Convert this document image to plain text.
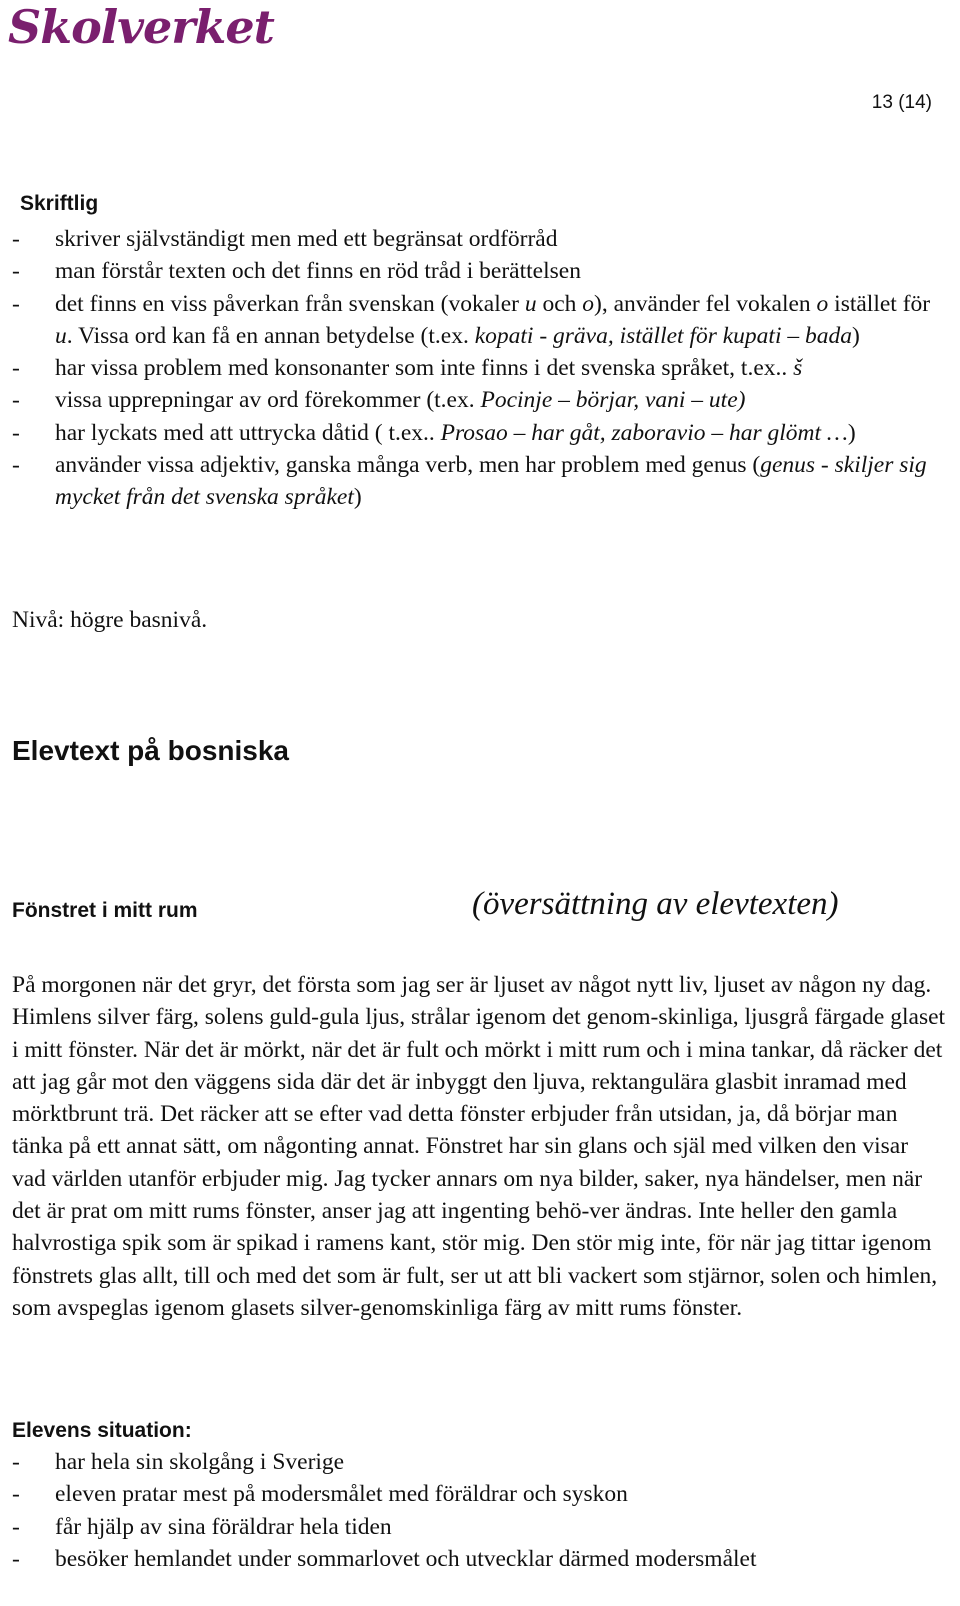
Skolverket
13 (14)
Skriftlig
- skriver självständigt men med ett begränsat ordförråd
- man förstår texten och det finns en röd tråd i berättelsen
- det finns en viss påverkan från svenskan (vokaler u och o), använder fel vokalen o istället för u. Vissa ord kan få en annan betydelse (t.ex. kopati - gräva, istället för kupati – bada)
- har vissa problem med konsonanter som inte finns i det svenska språket, t.ex.. š
- vissa upprepningar av ord förekommer (t.ex. Pocinje – börjar, vani – ute)
- har lyckats med att uttrycka dåtid ( t.ex.. Prosao – har gåt, zaboravio – har glömt …)
- använder vissa adjektiv, ganska många verb, men har problem med genus (genus - skiljer sig mycket från det svenska språket)

Nivå: högre basnivå.

Elevtext på bosniska
Fönstret i mitt rum	(översättning av elevtexten)

På morgonen när det gryr, det första som jag ser är ljuset av något nytt liv, ljuset av någon ny dag. Himlens silver färg, solens guld-gula ljus, strålar igenom det genom-skinliga, ljusgrå färgade glaset i mitt fönster. När det är mörkt, när det är fult och mörkt i mitt rum och i mina tankar, då räcker det att jag går mot den väggens sida där det är inbyggt den ljuva, rektangulära glasbit inramad med mörktbrunt trä. Det räcker att se efter vad detta fönster erbjuder från utsidan, ja, då börjar man tänka på ett annat sätt, om någonting annat. Fönstret har sin glans och själ med vilken den visar vad världen utanför erbjuder mig. Jag tycker annars om nya bilder, saker, nya händelser, men när det är prat om mitt rums fönster, anser jag att ingenting behö-ver ändras. Inte heller den gamla halvrostiga spik som är spikad i ramens kant, stör mig. Den stör mig inte, för när jag tittar igenom fönstrets glas allt, till och med det som är fult, ser ut att bli vackert som stjärnor, solen och himlen, som avspeglas igenom glasets silver-genomskinliga färg av mitt rums fönster.

Elevens situation:
- har hela sin skolgång i Sverige
- eleven pratar mest på modersmålet med föräldrar och syskon
- får hjälp av sina föräldrar hela tiden
- besöker hemlandet under sommarlovet och utvecklar därmed modersmålet
